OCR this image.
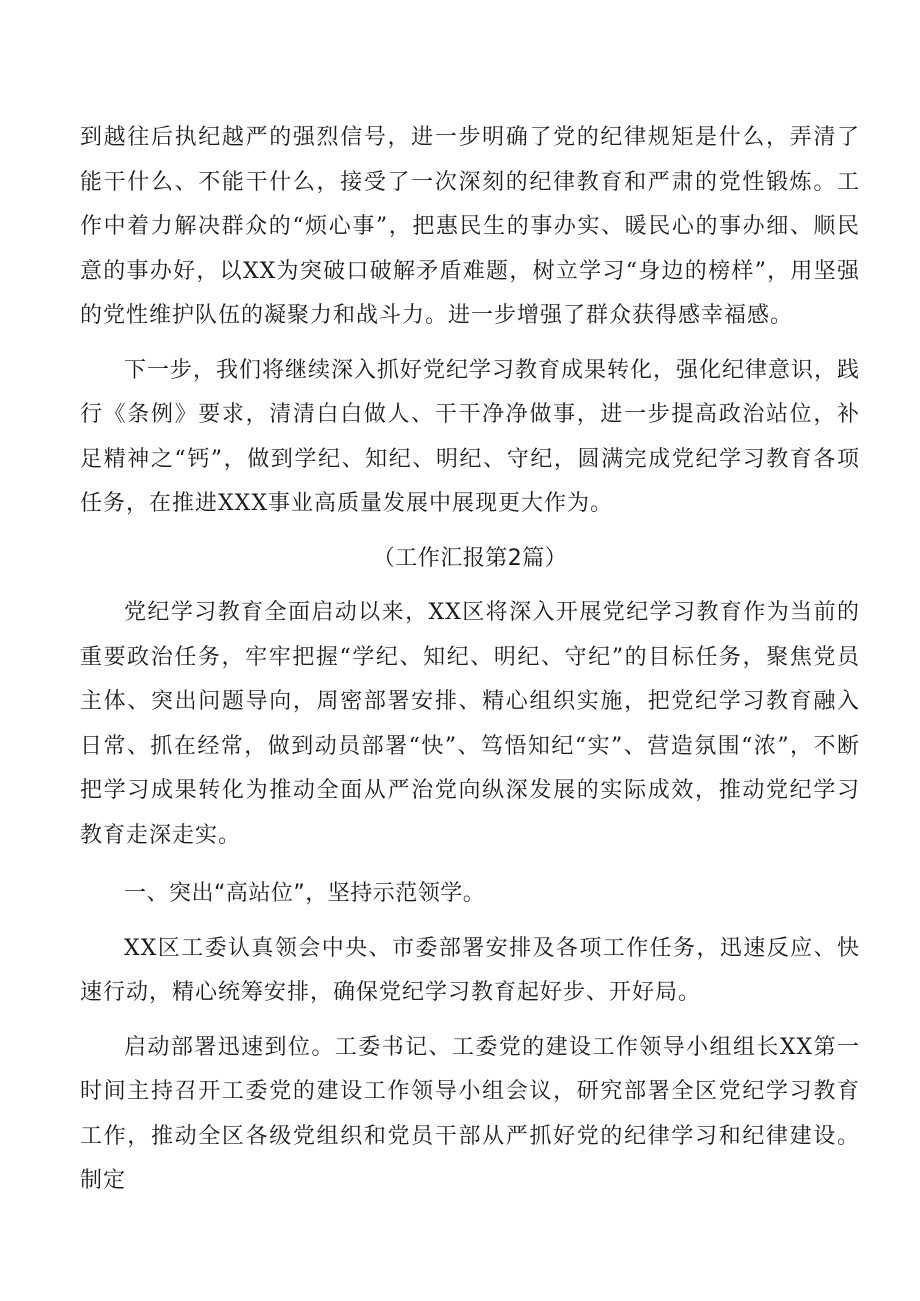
到越往后执纪越严的强烈信号，进一步明确了党的纪律规矩是什么，弄清了能干什么、不能干什么，接受了一次深刻的纪律教育和严肃的党性锻炼。工作中着力解决群众的“烦心事”，把惠民生的事办实、暖民心的事办细、顺民意的事办好，以XX为突破口破解矛盾难题，树立学习“身边的榜样”，用坚强的党性维护队伍的凝聚力和战斗力。进一步增强了群众获得感幸福感。

下一步，我们将继续深入抓好党纪学习教育成果转化，强化纪律意识，践行《条例》要求，清清白白做人、干干净净做事，进一步提高政治站位，补足精神之“钙”，做到学纪、知纪、明纪、守纪，圆满完成党纪学习教育各项任务，在推进XXX事业高质量发展中展现更大作为。

（工作汇报第2篇）

党纪学习教育全面启动以来，XX区将深入开展党纪学习教育作为当前的重要政治任务，牢牢把握“学纪、知纪、明纪、守纪”的目标任务，聚焦党员主体、突出问题导向，周密部署安排、精心组织实施，把党纪学习教育融入日常、抓在经常，做到动员部署“快”、笃悟知纪“实”、营造氛围“浓”，不断把学习成果转化为推动全面从严治党向纵深发展的实际成效，推动党纪学习教育走深走实。

一、突出“高站位”，坚持示范领学。

XX区工委认真领会中央、市委部署安排及各项工作任务，迅速反应、快速行动，精心统筹安排，确保党纪学习教育起好步、开好局。

启动部署迅速到位。工委书记、工委党的建设工作领导小组组长XX第一时间主持召开工委党的建设工作领导小组会议，研究部署全区党纪学习教育工作，推动全区各级党组织和党员干部从严抓好党的纪律学习和纪律建设。制定
